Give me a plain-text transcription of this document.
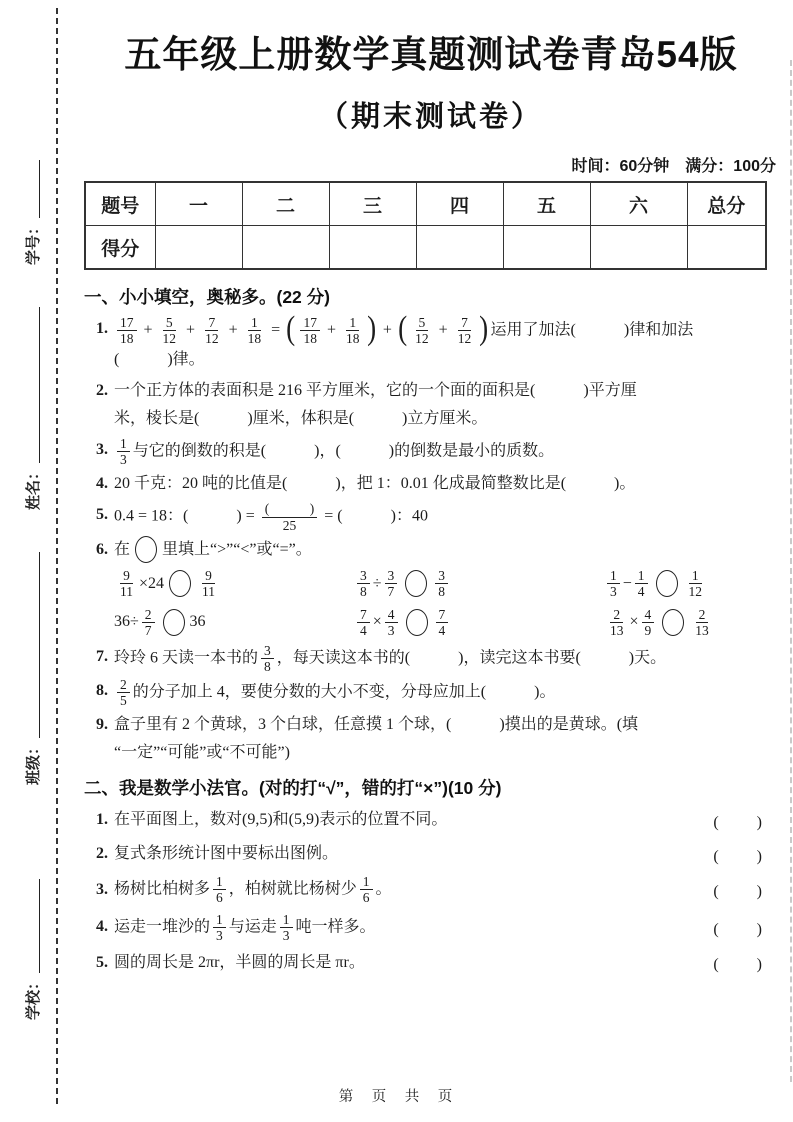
学号：
姓名：
班级：
学校：
五年级上册数学真题测试卷青岛54版
（期末测试卷）
时间：60分钟　满分：100分
题号	一	二	三	四	五	六	总分
得分							
一、小小填空，奥秘多。(22 分)
1. $\frac{17}{18} + \frac{5}{12} + \frac{7}{12} + \frac{1}{18}$ = ( $\frac{17}{18} + \frac{1}{18}$ ) + ( $\frac{5}{12} + \frac{7}{12}$ ) 运用了加法(　　　)律和加法
(　　　)律。
2. 一个正方体的表面积是 216 平方厘米，它的一个面的面积是(　　　)平方厘
米，棱长是(　　　)厘米，体积是(　　　)立方厘米。
3. $\frac{1}{3}$ 与它的倒数的积是(　　　)，(　　　)的倒数是最小的质数。
4. 20 千克：20 吨的比值是(　　　)，把 1：0.01 化成最简整数比是(　　　)。
5. 0.4 = 18：(　　　) = $\frac{( )}{25}$ = (　　　)：40
6. 在 里填上“>”“<”或“=”。
$\frac{9}{11} \times 24$	$\frac{9}{11}$	$\frac{3}{8} \div \frac{3}{7}$	$\frac{3}{8}$	$\frac{1}{3} - \frac{1}{4}$	$\frac{1}{12}$
$36\div \frac{2}{7} 36$	$\frac{7}{4} \times \frac{4}{3}$	$\frac{7}{4}$	$\frac{2}{13} \times \frac{4}{9}$	$\frac{2}{13}$
7. 玲玲 6 天读一本书的 $\frac{3}{8}$ ，每天读这本书的(　　　)，读完这本书要(　　　)天。
8. $\frac{2}{5}$ 的分子加上 4，要使分数的大小不变，分母应加上(　　　)。
9. 盒子里有 2 个黄球，3 个白球，任意摸 1 个球，(　　　)摸出的是黄球。(填
“一定”“可能”或“不可能”)
二、我是数学小法官。(对的打“√”，错的打“×”)(10 分)
1. 在平面图上，数对(9,5)和(5,9)表示的位置不同。	(　　)
2. 复式条形统计图中要标出图例。	(　　)
3. 杨树比柏树多 $\frac{1}{6}$ ，柏树就比杨树少 $\frac{1}{6}$ 。	(　　)
4. 运走一堆沙的 $\frac{1}{3}$ 与运走 $\frac{1}{3}$ 吨一样多。	(　　)
5. 圆的周长是 2πr，半圆的周长是 πr。	(　　)
第　页　共　页
